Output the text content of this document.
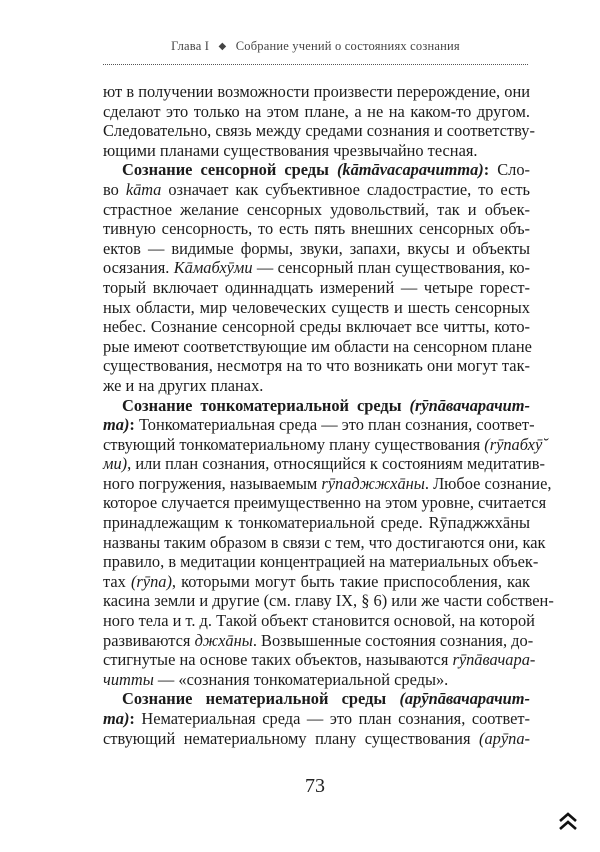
Глава I ◆ Собрание учений о состояниях сознания
ют в получении возможности произвести перерождение, они
сделают это только на этом плане, а не на каком-то другом.
Следовательно, связь между средами сознания и соответству-
ющими планами существования чрезвычайно тесная.
Сознание сенсорной среды (kāmāvacaрачитта): Сло-
во kāma означает как субъективное сладострастие, то есть
страстное желание сенсорных удовольствий, так и объек-
тивную сенсорность, то есть пять внешних сенсорных объ-
ектов — видимые формы, звуки, запахи, вкусы и объекты
осязания. Kāмабхӯми — сенсорный план существования, ко-
торый включает одиннадцать измерений — четыре горест-
ных области, мир человеческих существ и шесть сенсорных
небес. Сознание сенсорной среды включает все читты, кото-
рые имеют соответствующие им области на сенсорном плане
существования, несмотря на то что возникать они могут так-
же и на других планах.
Сознание тонкоматериальной среды (rӯпāвачарачит-
та): Тонкоматериальная среда — это план сознания, соответ-
ствующий тонкоматериальному плану существования (rӯпабхӯ̆
ми), или план сознания, относящийся к состояниям медитатив-
ного погружения, называемым rӯпаджжхāны. Любое сознание,
которое случается преимущественно на этом уровне, считается
принадлежащим к тонкоматериальной среде. Rӯпаджжхāны
названы таким образом в связи с тем, что достигаются они, как
правило, в медитации концентрацией на материальных объек-
тах (rӯпа), которыми могут быть такие приспособления, как
касина земли и другие (см. главу IX, § 6) или же части собствен-
ного тела и т. д. Такой объект становится основой, на которой
развиваются джхāны. Возвышенные состояния сознания, до-
стигнутые на основе таких объектов, называются rӯпāвачара-
читты — «сознания тонкоматериальной среды».
Сознание нематериальной среды (арӯпāвачарачит-
та): Нематериальная среда — это план сознания, соответ-
ствующий нематериальному плану существования (арӯпа-
73
